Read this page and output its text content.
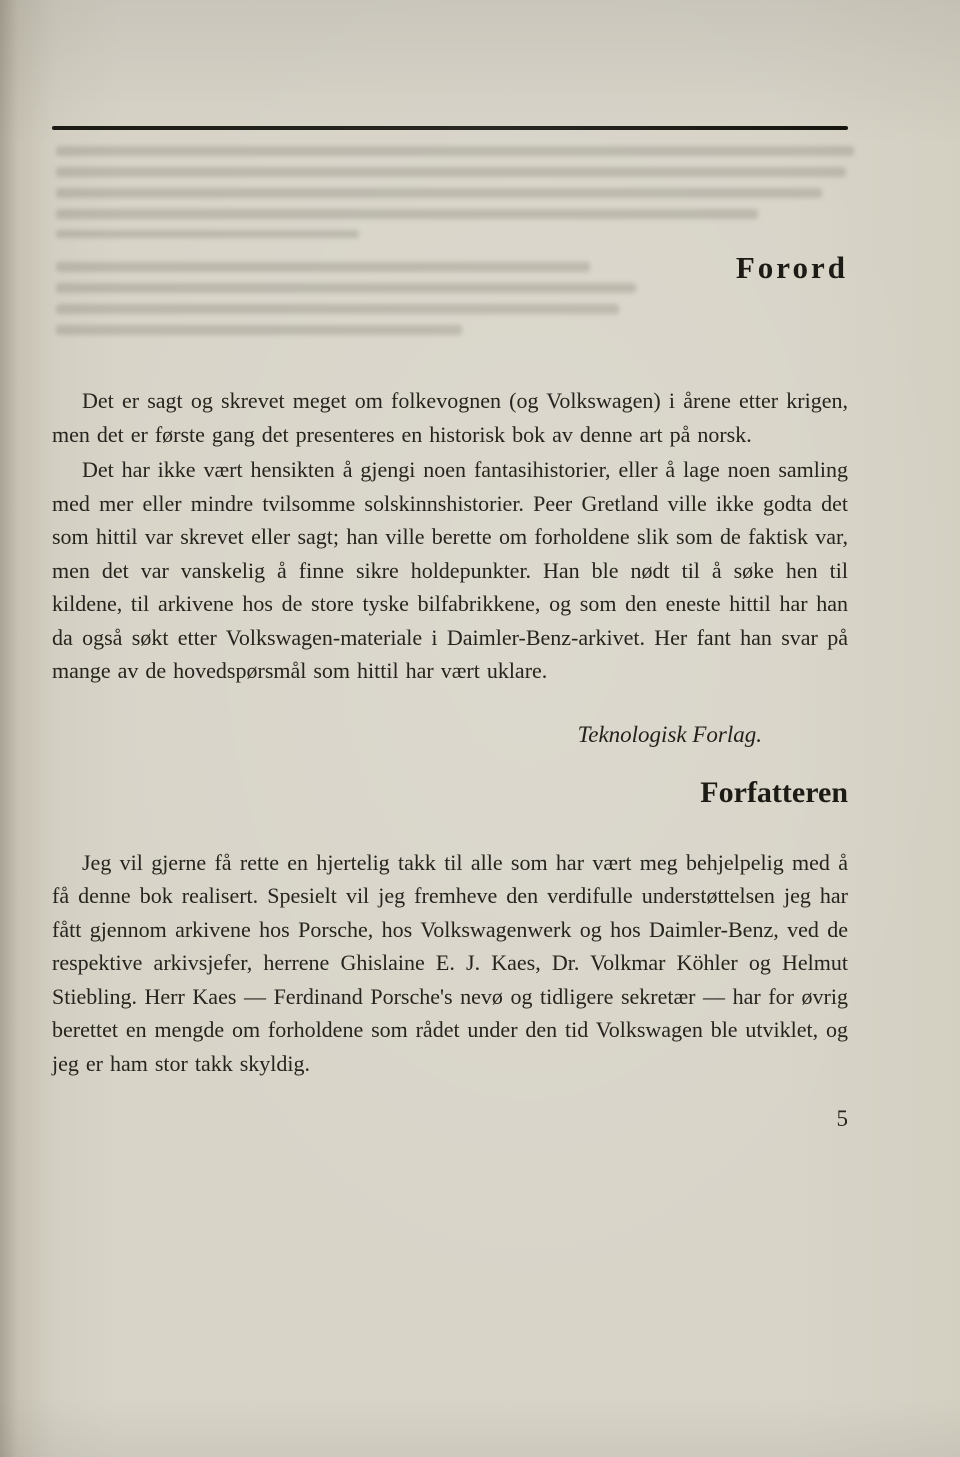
Forord

Det er sagt og skrevet meget om folkevognen (og Volkswagen) i årene etter krigen, men det er første gang det presenteres en historisk bok av denne art på norsk.

Det har ikke vært hensikten å gjengi noen fantasihistorier, eller å lage noen samling med mer eller mindre tvilsomme solskinnshistorier. Peer Gretland ville ikke godta det som hittil var skrevet eller sagt; han ville berette om forholdene slik som de faktisk var, men det var vanskelig å finne sikre holdepunkter. Han ble nødt til å søke hen til kildene, til arkivene hos de store tyske bilfabrikkene, og som den eneste hittil har han da også søkt etter Volkswagen-materiale i Daimler-Benz-arkivet. Her fant han svar på mange av de hovedspørsmål som hittil har vært uklare.

Teknologisk Forlag.
Forfatteren

Jeg vil gjerne få rette en hjertelig takk til alle som har vært meg behjelpelig med å få denne bok realisert. Spesielt vil jeg fremheve den verdifulle understøttelsen jeg har fått gjennom arkivene hos Porsche, hos Volkswagenwerk og hos Daimler-Benz, ved de respektive arkivsjefer, herrene Ghislaine E. J. Kaes, Dr. Volkmar Köhler og Helmut Stiebling. Herr Kaes — Ferdinand Porsche's nevø og tidligere sekretær — har for øvrig berettet en mengde om forholdene som rådet under den tid Volkswagen ble utviklet, og jeg er ham stor takk skyldig.

5
